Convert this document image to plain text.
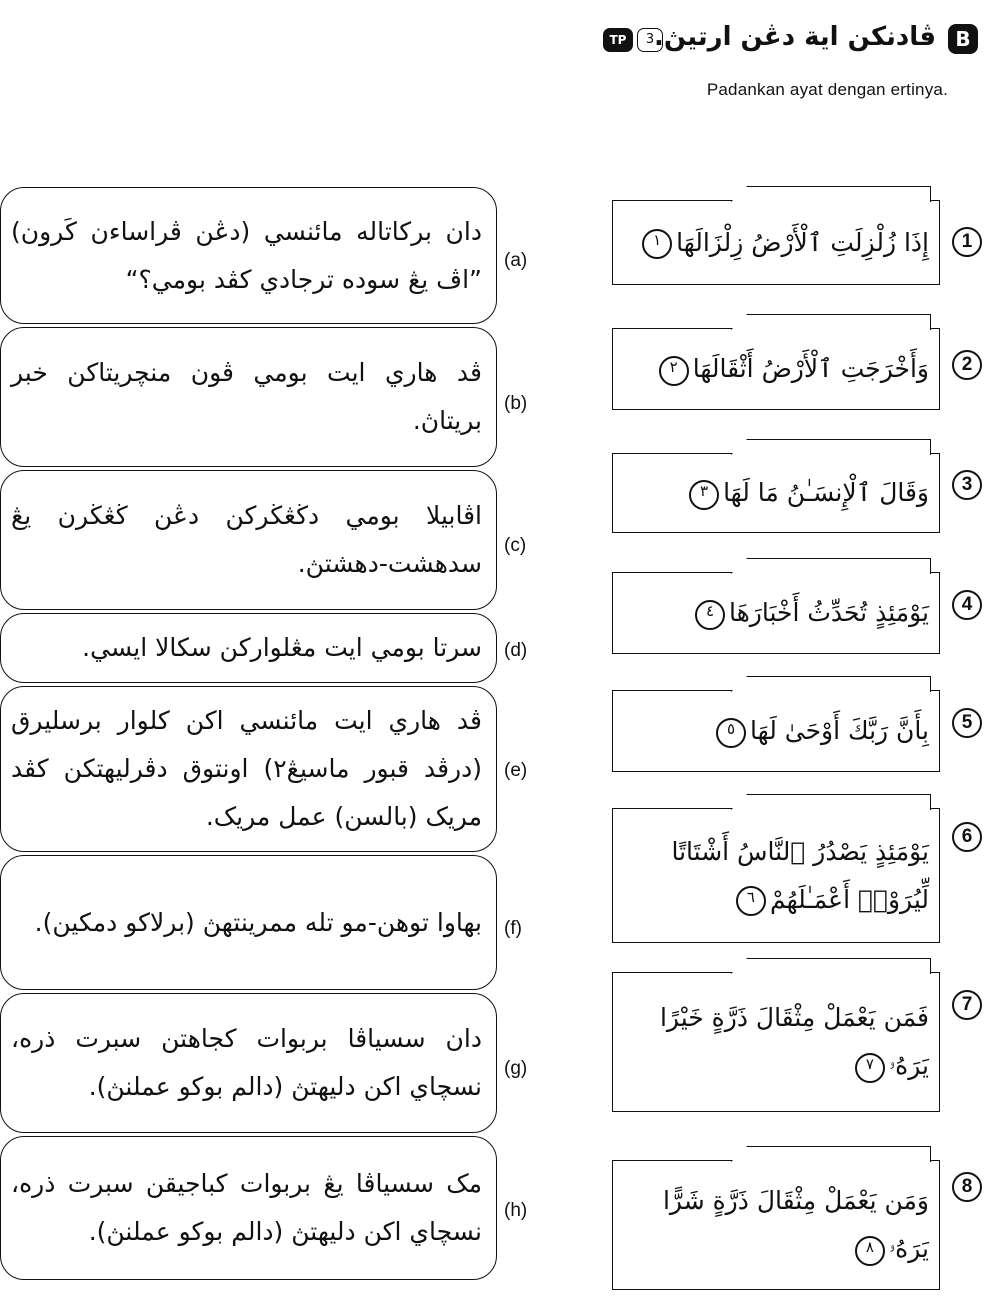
B
ڤادنكن اية دڠن ارتيڽ.
TP	3
Padankan ayat dengan ertinya.
دان بركاتاله مائنسي (دڠن ڤراساءن كَرون) ”اڤ يڠ سوده ترجادي كڤد بومي؟“
(a)
ڤد هاري ايت بومي ڤون منچريتاكن خبر بريتاڽ.
(b)
اڤابيلا بومي دڬڠڬرکن دڠن ڬڠڬرن يڠ سدهشت-دهشتڽ.
(c)
سرتا بومي ايت مڠلواركن سکالا ايسي. (d)
ڤد هاري ايت مائنسي اكن كلوار برسليرق (درڤد قبور ماسيڠ٢) اونتوق دڤرليهتكن كڤد مريک (بالسن) عمل مريک.
(e)
بهاوا توهن-مو تله ممرينتهڽ (برلاكو دمكين). (f)
دان سسياڤا بربوات كجاهتن سبرت ذره، نسچاي اكن دليهتڽ (دالم بوكو عملنڽ).
(g)
مک سسياڤا يڠ بربوات كباجيقن سبرت ذره، نسچاي اكن دليهتڽ (دالم بوكو عملنڽ).
(h)
إِذَا زُلْزِلَتِ ٱلْأَرْضُ زِلْزَالَهَا١	1
وَأَخْرَجَتِ ٱلْأَرْضُ أَثْقَالَهَا٢	2
وَقَالَ ٱلْإِنسَـٰنُ مَا لَهَا٣	3
يَوْمَئِذٍ تُحَدِّثُ أَخْبَارَهَا٤	4
بِأَنَّ رَبَّكَ أَوْحَىٰ لَهَا٥	5
يَوْمَئِذٍ يَصْدُرُ ٱلنَّاسُ أَشْتَاتًا لِّيُرَوْا۟ أَعْمَـٰلَهُمْ٦
6
فَمَن يَعْمَلْ مِثْقَالَ ذَرَّةٍ خَيْرًا يَرَهُۥ٧
7
وَمَن يَعْمَلْ مِثْقَالَ ذَرَّةٍ شَرًّا يَرَهُۥ٨
8
